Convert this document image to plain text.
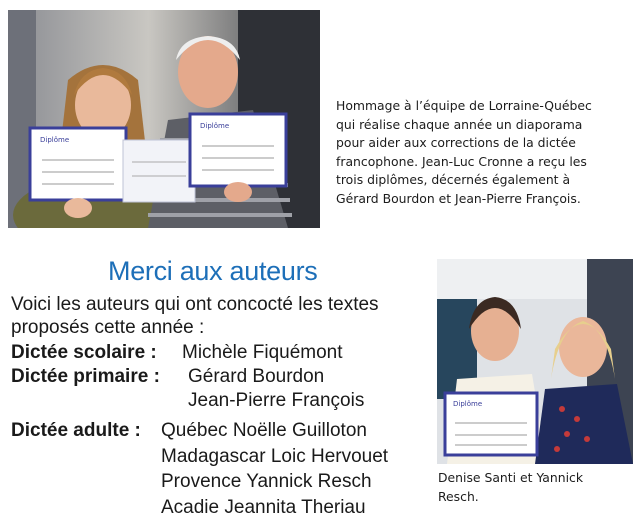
Diplôme
Diplôme
Hommage à l’équipe de Lorraine-Québec
qui réalise chaque année un diaporama
pour aider aux corrections de la dictée
francophone. Jean-Luc Cronne a reçu les
trois diplômes, décernés également à
Gérard Bourdon et Jean-Pierre François.
Merci aux auteurs
Voici les auteurs qui ont concocté les textes
proposés cette année :
Dictée scolaire : Michèle Fiquémont
Dictée primaire : Gérard Bourdon
Jean-Pierre François
Dictée adulte : Québec Noëlle Guilloton
Madagascar Loic Hervouet
Provence Yannick Resch
Acadie Jeannita Theriau
Diplôme
Denise Santi et Yannick
Resch.
